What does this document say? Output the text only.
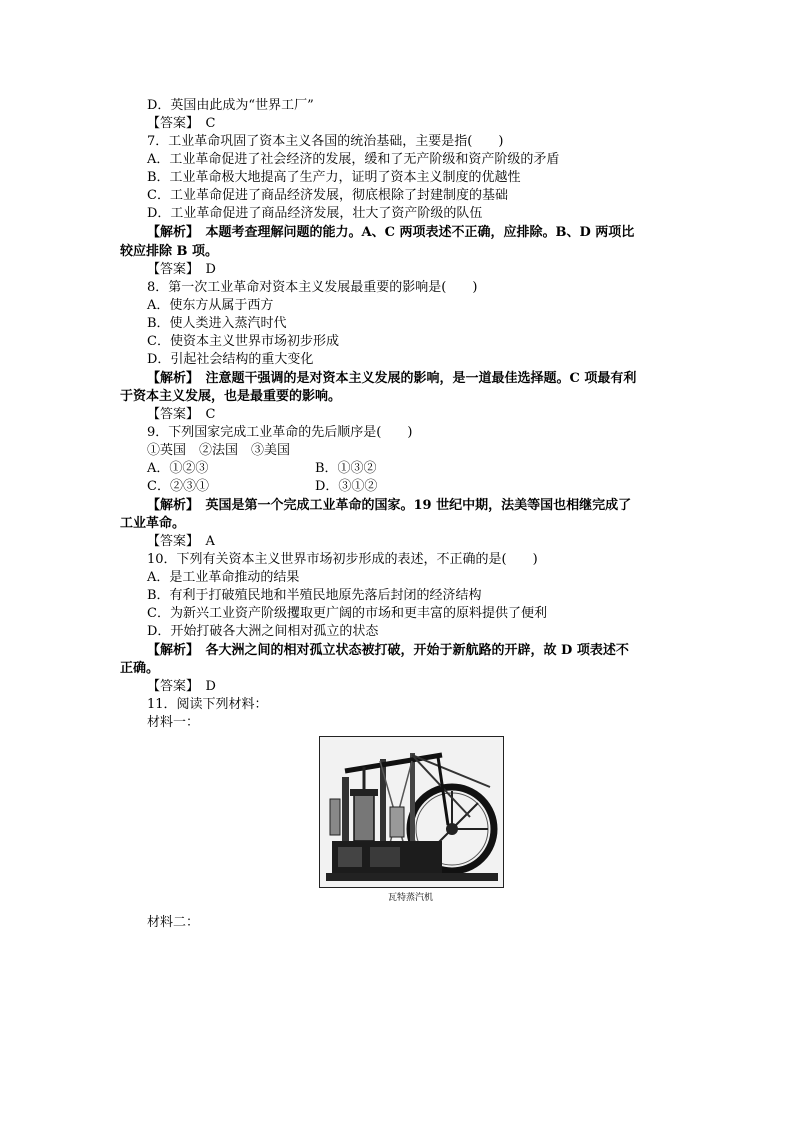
D．英国由此成为“世界工厂”
【答案】　C
7．工业革命巩固了资本主义各国的统治基础，主要是指(　　)
A．工业革命促进了社会经济的发展，缓和了无产阶级和资产阶级的矛盾
B．工业革命极大地提高了生产力，证明了资本主义制度的优越性
C．工业革命促进了商品经济发展，彻底根除了封建制度的基础
D．工业革命促进了商品经济发展，壮大了资产阶级的队伍
【解析】　本题考查理解问题的能力。A、C 两项表述不正确，应排除。B、D 两项比
较应排除 B 项。
【答案】　D
8．第一次工业革命对资本主义发展最重要的影响是(　　)
A．使东方从属于西方
B．使人类进入蒸汽时代
C．使资本主义世界市场初步形成
D．引起社会结构的重大变化
【解析】　注意题干强调的是对资本主义发展的影响，是一道最佳选择题。C 项最有利
于资本主义发展，也是最重要的影响。
【答案】　C
9．下列国家完成工业革命的先后顺序是(　　)
①英国　②法国　③美国
A．①②③	B．①③②
C．②③①	D．③①②
【解析】　英国是第一个完成工业革命的国家。19 世纪中期，法美等国也相继完成了
工业革命。
【答案】　A
10．下列有关资本主义世界市场初步形成的表述，不正确的是(　　)
A．是工业革命推动的结果
B．有利于打破殖民地和半殖民地原先落后封闭的经济结构
C．为新兴工业资产阶级攫取更广阔的市场和更丰富的原料提供了便利
D．开始打破各大洲之间相对孤立的状态
【解析】　各大洲之间的相对孤立状态被打破，开始于新航路的开辟，故 D 项表述不
正确。
【答案】　D
11．阅读下列材料：
材料一：
瓦特蒸汽机
材料二：
